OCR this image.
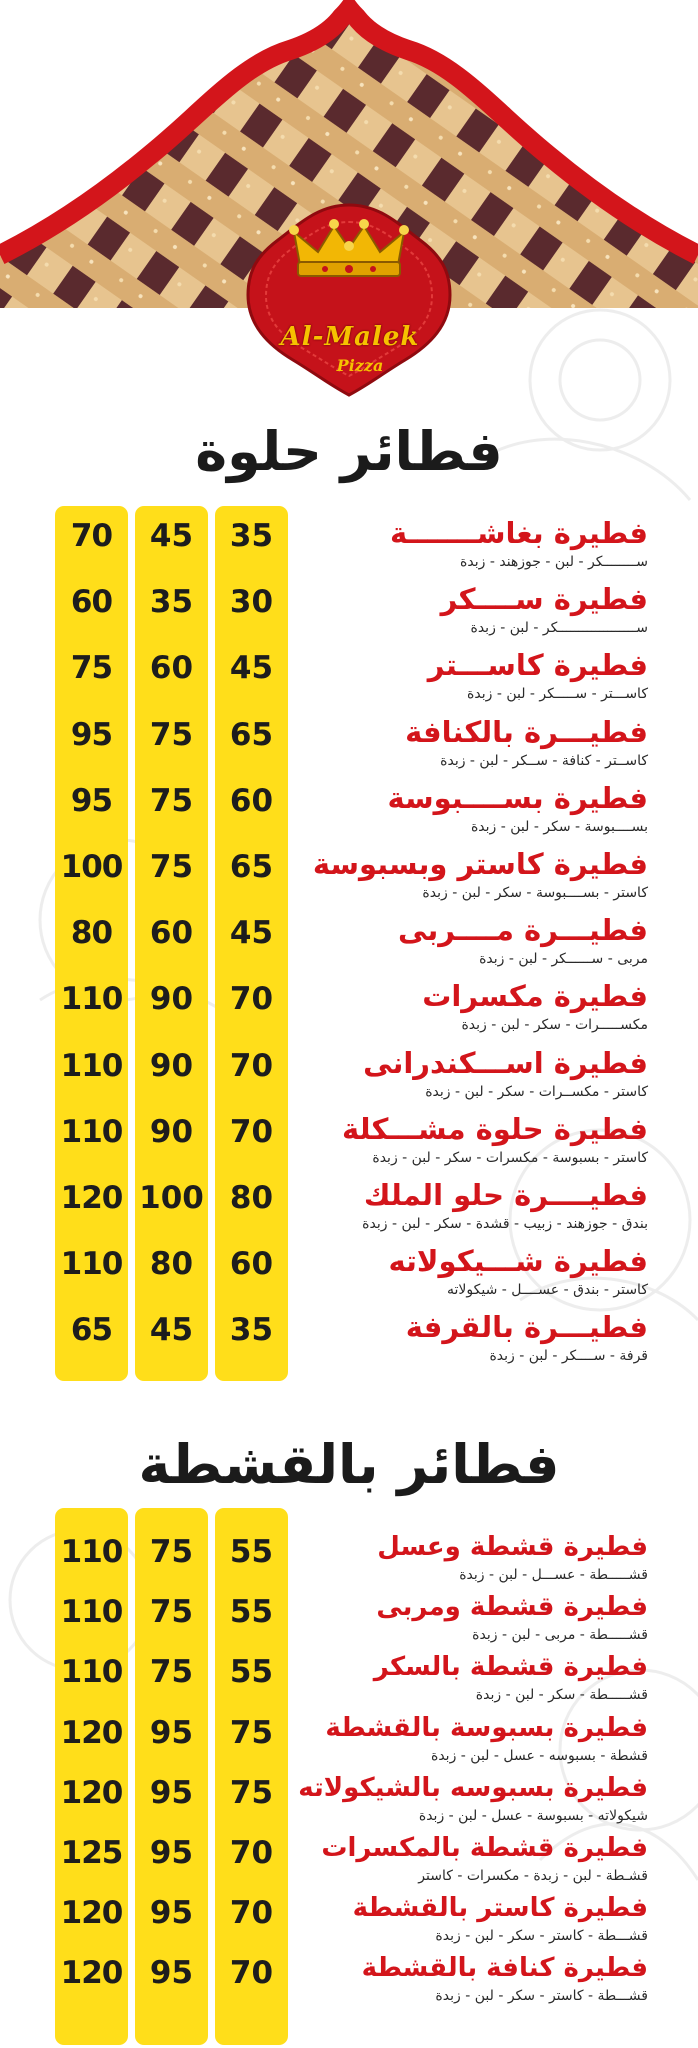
Al-Malek
Pizza
فطائر حلوة
35
30
45
65
60
65
45
70
70
70
80
60
35
45
35
60
75
75
75
60
90
90
90
100
80
45
70
60
75
95
95
100
80
110
110
110
120
110
65
فطيرة بغاشـــــــة
ســــــــكر - لبن - جوزهند - زبدة
فطيرة ســــكر
ســـــــــــــــــــكر - لبن - زبدة
فطيرة كاســـتر
كاســـتر - ســـــكر - لبن - زبدة
فطيـــرة بالكنافة
كاســتر - كنافة - ســكر - لبن - زبدة
فطيرة بســــبوسة
بســــبوسة - سكر - لبن - زبدة
فطيرة كاستر وبسبوسة
كاستر - بســــبوسة - سكر - لبن - زبدة
فطيـــرة مــــربى
مربى - ســــــكر - لبن - زبدة
فطيرة مكسرات
مكســـــرات - سكر - لبن - زبدة
فطيرة اســـكندرانى
كاستر - مكســرات - سكر - لبن - زبدة
فطيرة حلوة مشـــكلة
كاستر - بسبوسة - مكسرات - سكر - لبن - زبدة
فطيــــرة حلو الملك
بندق - جوزهند - زبيب - قشدة - سكر - لبن - زبدة
فطيرة شـــيكولاته
كاستر - بندق - عســــل - شيكولاته
فطيـــرة بالقرفة
قرفة - ســــكر - لبن - زبدة
فطائر بالقشطة
55
55
55
75
75
70
70
70
75
75
75
95
95
95
95
95
110
110
110
120
120
125
120
120
فطيرة قشطة وعسل
قشـــــطة - عســـل - لبن - زبدة
فطيرة قشطة ومربى
قشـــــطة - مربى - لبن - زبدة
فطيرة قشطة بالسكر
قشـــــطة - سكر - لبن - زبدة
فطيرة بسبوسة بالقشطة
قشطة - بسبوسه - عسل - لبن - زبدة
فطيرة بسبوسه بالشيكولاته
شيكولاته - بسبوسة - عسل - لبن - زبدة
فطيرة قشطة بالمكسرات
قشـطة - لبن - زبدة - مكسرات - كاستر
فطيرة كاستر بالقشطة
قشـــطة - كاستر - سكر - لبن - زبدة
فطيرة كنافة بالقشطة
قشـــطة - كاستر - سكر - لبن - زبدة
